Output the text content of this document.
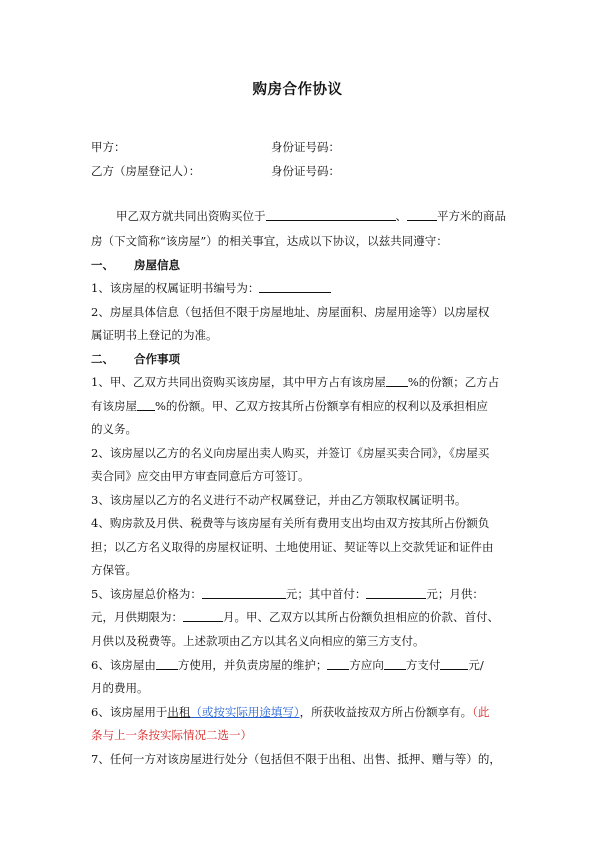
购房合作协议
甲方：	身份证号码：
乙方（房屋登记人）：	身份证号码：
甲乙双方就共同出资购买位于	、	平方米的商品
房（下文简称“该房屋”）的相关事宜，达成以下协议，以兹共同遵守：
一、 房屋信息
1、该房屋的权属证明书编号为：
2、房屋具体信息（包括但不限于房屋地址、房屋面积、房屋用途等）以房屋权
属证明书上登记的为准。
二、 合作事项
1、甲、乙双方共同出资购买该房屋，其中甲方占有该房屋 %的份额；乙方占
有该房屋 %的份额。甲、乙双方按其所占份额享有相应的权利以及承担相应
的义务。
2、该房屋以乙方的名义向房屋出卖人购买，并签订《房屋买卖合同》，《房屋买
卖合同》应交由甲方审查同意后方可签订。
3、该房屋以乙方的名义进行不动产权属登记，并由乙方领取权属证明书。
4、购房款及月供、税费等与该房屋有关所有费用支出均由双方按其所占份额负
担；以乙方名义取得的房屋权证明、土地使用证、契证等以上交款凭证和证件由
方保管。
5、该房屋总价格为：	元；其中首付：	元；月供：
元，月供期限为：	月。甲、乙双方以其所占份额负担相应的价款、首付、
月供以及税费等。上述款项由乙方以其名义向相应的第三方支付。
6、该房屋由 方使用，并负责房屋的维护； 方应向 方支付 元/
月的费用。
6、该房屋用于出租（或按实际用途填写），所获收益按双方所占份额享有。（此
条与上一条按实际情况二选一）
7、任何一方对该房屋进行处分（包括但不限于出租、出售、抵押、赠与等）的，
